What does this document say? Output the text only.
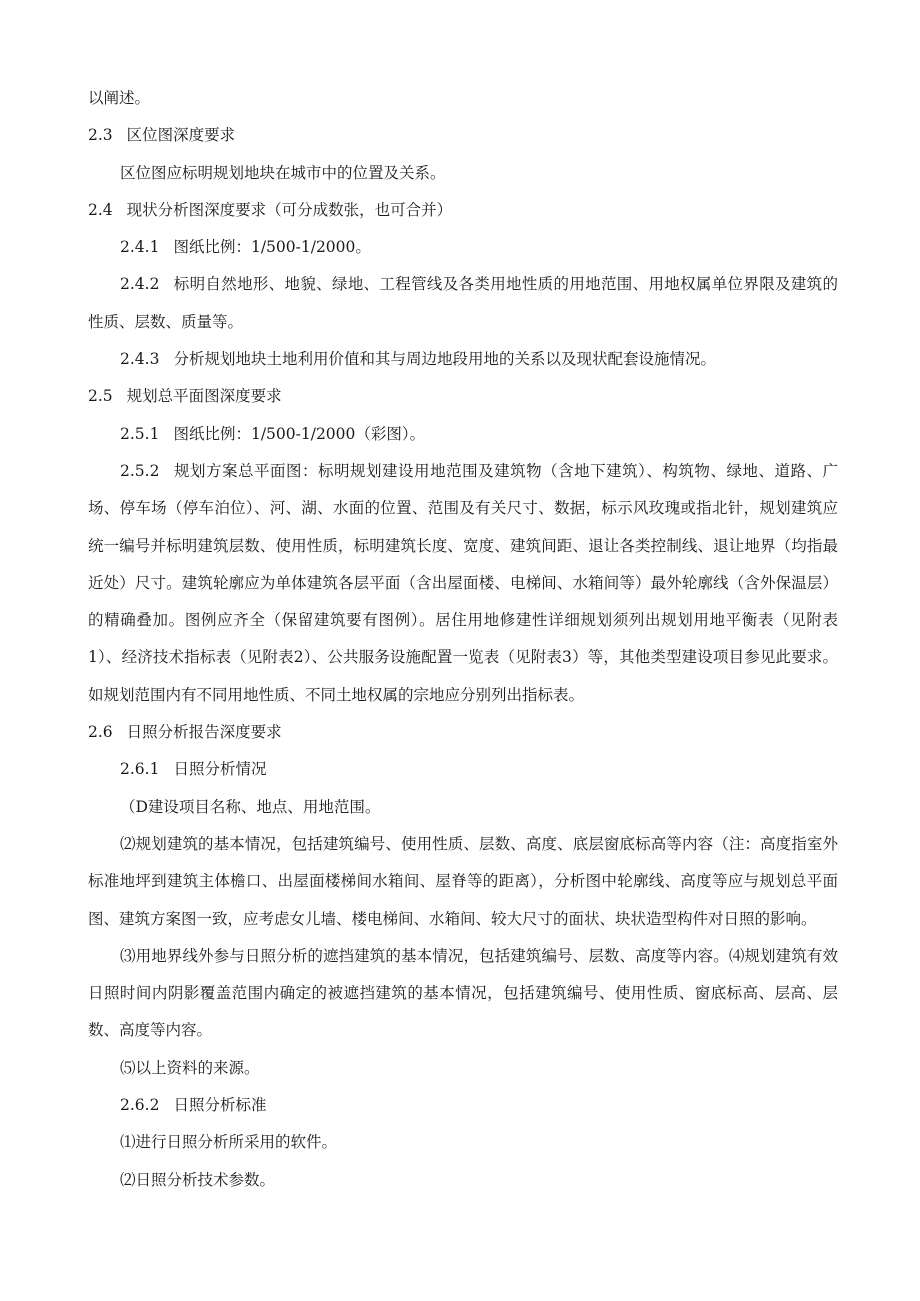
以阐述。
2.3 区位图深度要求
区位图应标明规划地块在城市中的位置及关系。
2.4 现状分析图深度要求（可分成数张，也可合并）
2.4.1 图纸比例：1/500-1/2000。
2.4.2 标明自然地形、地貌、绿地、工程管线及各类用地性质的用地范围、用地权属单位界限及建筑的性质、层数、质量等。
2.4.3 分析规划地块土地利用价值和其与周边地段用地的关系以及现状配套设施情况。
2.5 规划总平面图深度要求
2.5.1 图纸比例：1/500-1/2000（彩图）。
2.5.2 规划方案总平面图：标明规划建设用地范围及建筑物（含地下建筑）、构筑物、绿地、道路、广场、停车场（停车泊位）、河、湖、水面的位置、范围及有关尺寸、数据，标示风玫瑰或指北针，规划建筑应统一编号并标明建筑层数、使用性质，标明建筑长度、宽度、建筑间距、退让各类控制线、退让地界（均指最近处）尺寸。建筑轮廓应为单体建筑各层平面（含出屋面楼、电梯间、水箱间等）最外轮廓线（含外保温层）的精确叠加。图例应齐全（保留建筑要有图例）。居住用地修建性详细规划须列出规划用地平衡表（见附表1）、经济技术指标表（见附表2）、公共服务设施配置一览表（见附表3）等，其他类型建设项目参见此要求。如规划范围内有不同用地性质、不同土地权属的宗地应分别列出指标表。
2.6 日照分析报告深度要求
2.6.1 日照分析情况
（D建设项目名称、地点、用地范围。
⑵规划建筑的基本情况，包括建筑编号、使用性质、层数、高度、底层窗底标高等内容（注：高度指室外标准地坪到建筑主体檐口、出屋面楼梯间水箱间、屋脊等的距离），分析图中轮廓线、高度等应与规划总平面图、建筑方案图一致，应考虑女儿墙、楼电梯间、水箱间、较大尺寸的面状、块状造型构件对日照的影响。
⑶用地界线外参与日照分析的遮挡建筑的基本情况，包括建筑编号、层数、高度等内容。⑷规划建筑有效日照时间内阴影覆盖范围内确定的被遮挡建筑的基本情况，包括建筑编号、使用性质、窗底标高、层高、层数、高度等内容。
⑸以上资料的来源。
2.6.2 日照分析标准
⑴进行日照分析所采用的软件。
⑵日照分析技术参数。
